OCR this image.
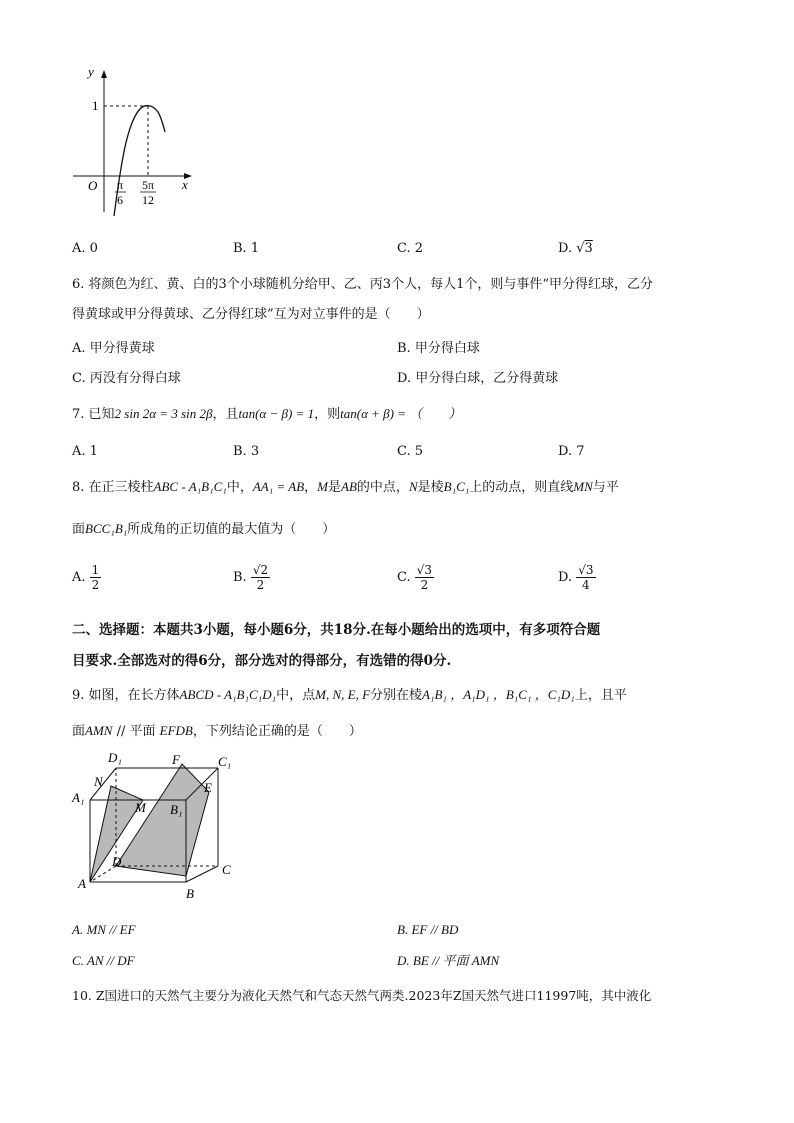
y
x
O
1
π
6
5π
12
A. 0	B. 1	C. 2	D. √3
6. 将颜色为红、黄、白的3个小球随机分给甲、乙、丙3个人，每人1个，则与事件“甲分得红球，乙分
得黄球或甲分得黄球、乙分得红球”互为对立事件的是（　　）
A. 甲分得黄球	B. 甲分得白球
C. 丙没有分得白球	D. 甲分得白球，乙分得黄球
7. 已知2 sin 2α = 3 sin 2β，且tan(α − β) = 1，则tan(α + β) = （　　）
A. 1	B. 3	C. 5	D. 7
8. 在正三棱柱ABC - A₁B₁C₁中，AA₁ = AB，M是AB的中点，N是棱B₁C₁上的动点，则直线MN与平
面BCC₁B₁所成角的正切值的最大值为（　　）
A. $\frac{1}{2}$	B. $\frac{√2}{2}$	C. $\frac{√3}{2}$	D. $\frac{√3}{4}$
二、选择题：本题共3小题，每小题6分，共18分.在每小题给出的选项中，有多项符合题
目要求.全部选对的得6分，部分选对的得部分，有选错的得0分.
9. 如图，在长方体ABCD - A₁B₁C₁D₁中，点M, N, E, F分别在棱A₁B₁ ，A₁D₁ ，B₁C₁ ，C₁D₁上，且平
面AMN // 平面 EFDB，下列结论正确的是（　　）
D₁	F	C₁
N	E
A₁
M B₁
D
C
A
B
A. MN // EF	B. EF // BD
C. AN // DF	D. BE // 平面 AMN
10. Z国进口的天然气主要分为液化天然气和气态天然气两类.2023年Z国天然气进口11997吨，其中液化
